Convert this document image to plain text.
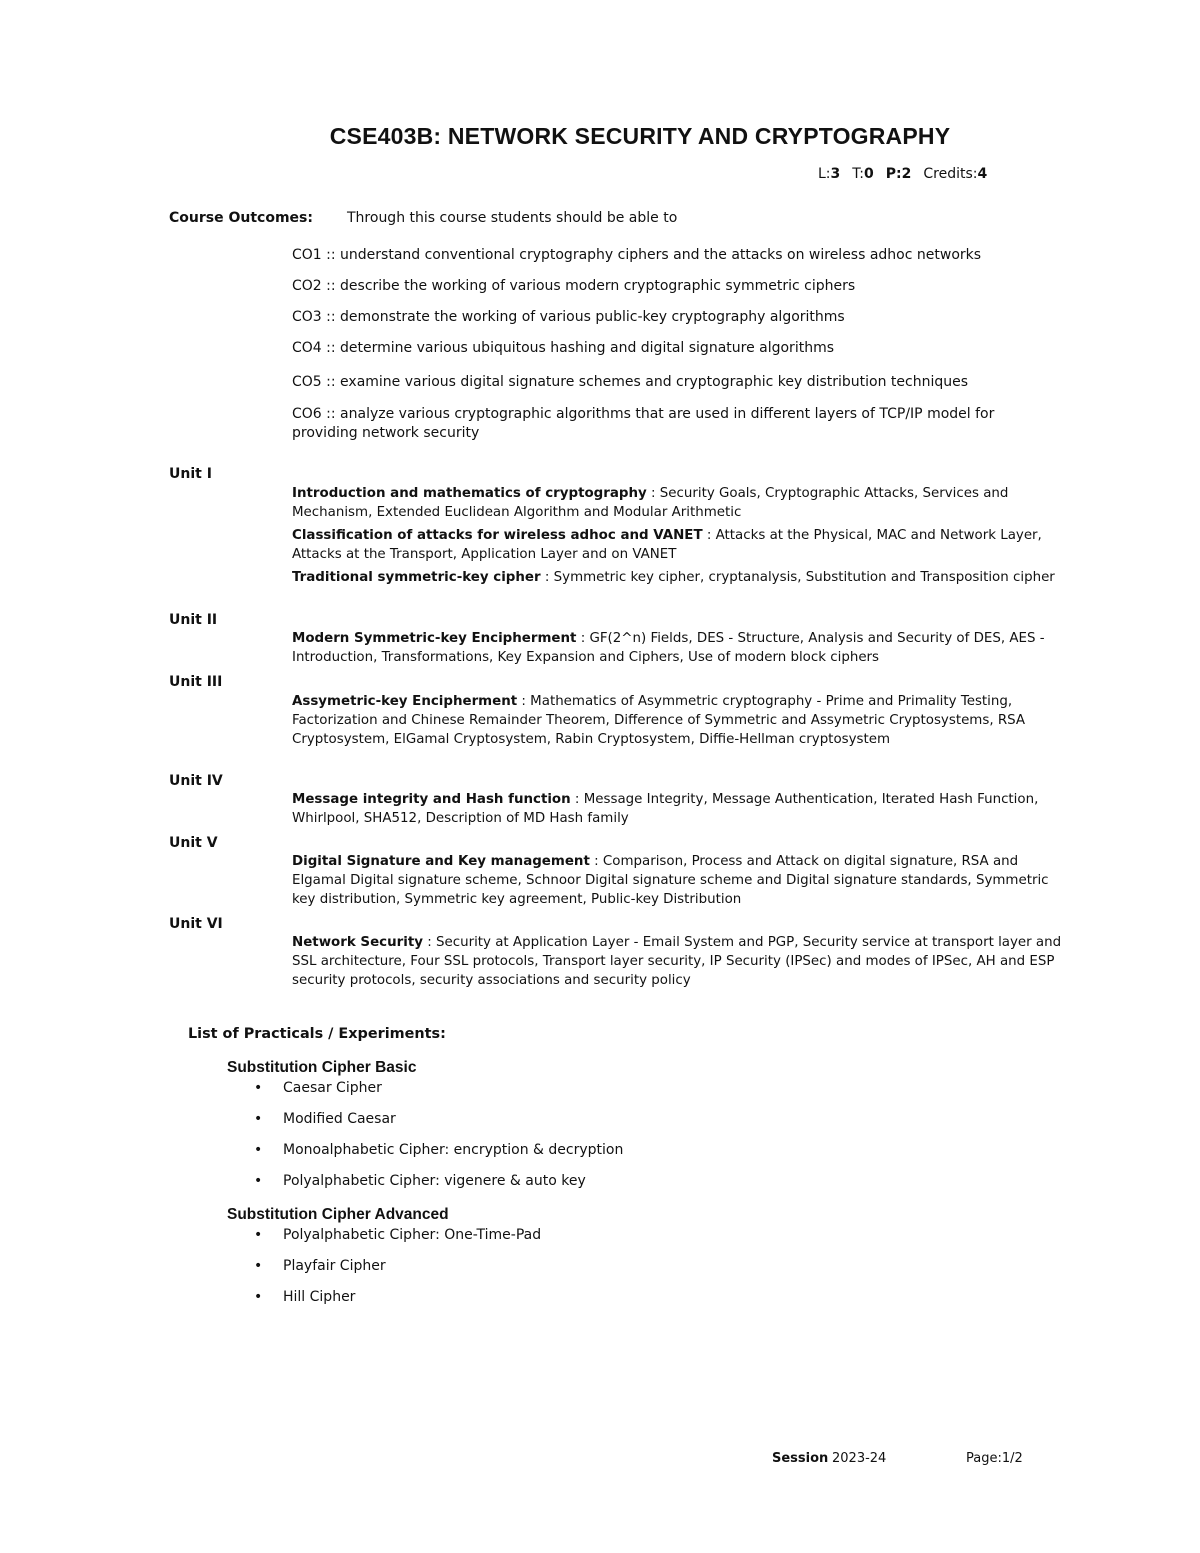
CSE403B: NETWORK SECURITY AND CRYPTOGRAPHY
L:3 T:0 P:2 Credits:4
Course Outcomes: Through this course students should be able to
CO1 :: understand conventional cryptography ciphers and the attacks on wireless adhoc networks
CO2 :: describe the working of various modern cryptographic symmetric ciphers
CO3 :: demonstrate the working of various public-key cryptography algorithms
CO4 :: determine various ubiquitous hashing and digital signature algorithms
CO5 :: examine various digital signature schemes and cryptographic key distribution techniques
CO6 :: analyze various cryptographic algorithms that are used in different layers of TCP/IP model for providing network security
Unit I
Introduction and mathematics of cryptography : Security Goals, Cryptographic Attacks, Services and Mechanism, Extended Euclidean Algorithm and Modular Arithmetic
Classification of attacks for wireless adhoc and VANET : Attacks at the Physical, MAC and Network Layer, Attacks at the Transport, Application Layer and on VANET
Traditional symmetric-key cipher : Symmetric key cipher, cryptanalysis, Substitution and Transposition cipher
Unit II
Modern Symmetric-key Encipherment : GF(2^n) Fields, DES - Structure, Analysis and Security of DES, AES - Introduction, Transformations, Key Expansion and Ciphers, Use of modern block ciphers
Unit III
Assymetric-key Encipherment : Mathematics of Asymmetric cryptography - Prime and Primality Testing, Factorization and Chinese Remainder Theorem, Difference of Symmetric and Assymetric Cryptosystems, RSA Cryptosystem, ElGamal Cryptosystem, Rabin Cryptosystem, Diffie-Hellman cryptosystem
Unit IV
Message integrity and Hash function : Message Integrity, Message Authentication, Iterated Hash Function, Whirlpool, SHA512, Description of MD Hash family
Unit V
Digital Signature and Key management : Comparison, Process and Attack on digital signature, RSA and Elgamal Digital signature scheme, Schnoor Digital signature scheme and Digital signature standards, Symmetric key distribution, Symmetric key agreement, Public-key Distribution
Unit VI
Network Security : Security at Application Layer - Email System and PGP, Security service at transport layer and SSL architecture, Four SSL protocols, Transport layer security, IP Security (IPSec) and modes of IPSec, AH and ESP security protocols, security associations and security policy
List of Practicals / Experiments:
Substitution Cipher Basic
• Caesar Cipher
• Modified Caesar
• Monoalphabetic Cipher: encryption & decryption
• Polyalphabetic Cipher: vigenere & auto key
Substitution Cipher Advanced
• Polyalphabetic Cipher: One-Time-Pad
• Playfair Cipher
• Hill Cipher
Session 2023-24	Page:1/2
